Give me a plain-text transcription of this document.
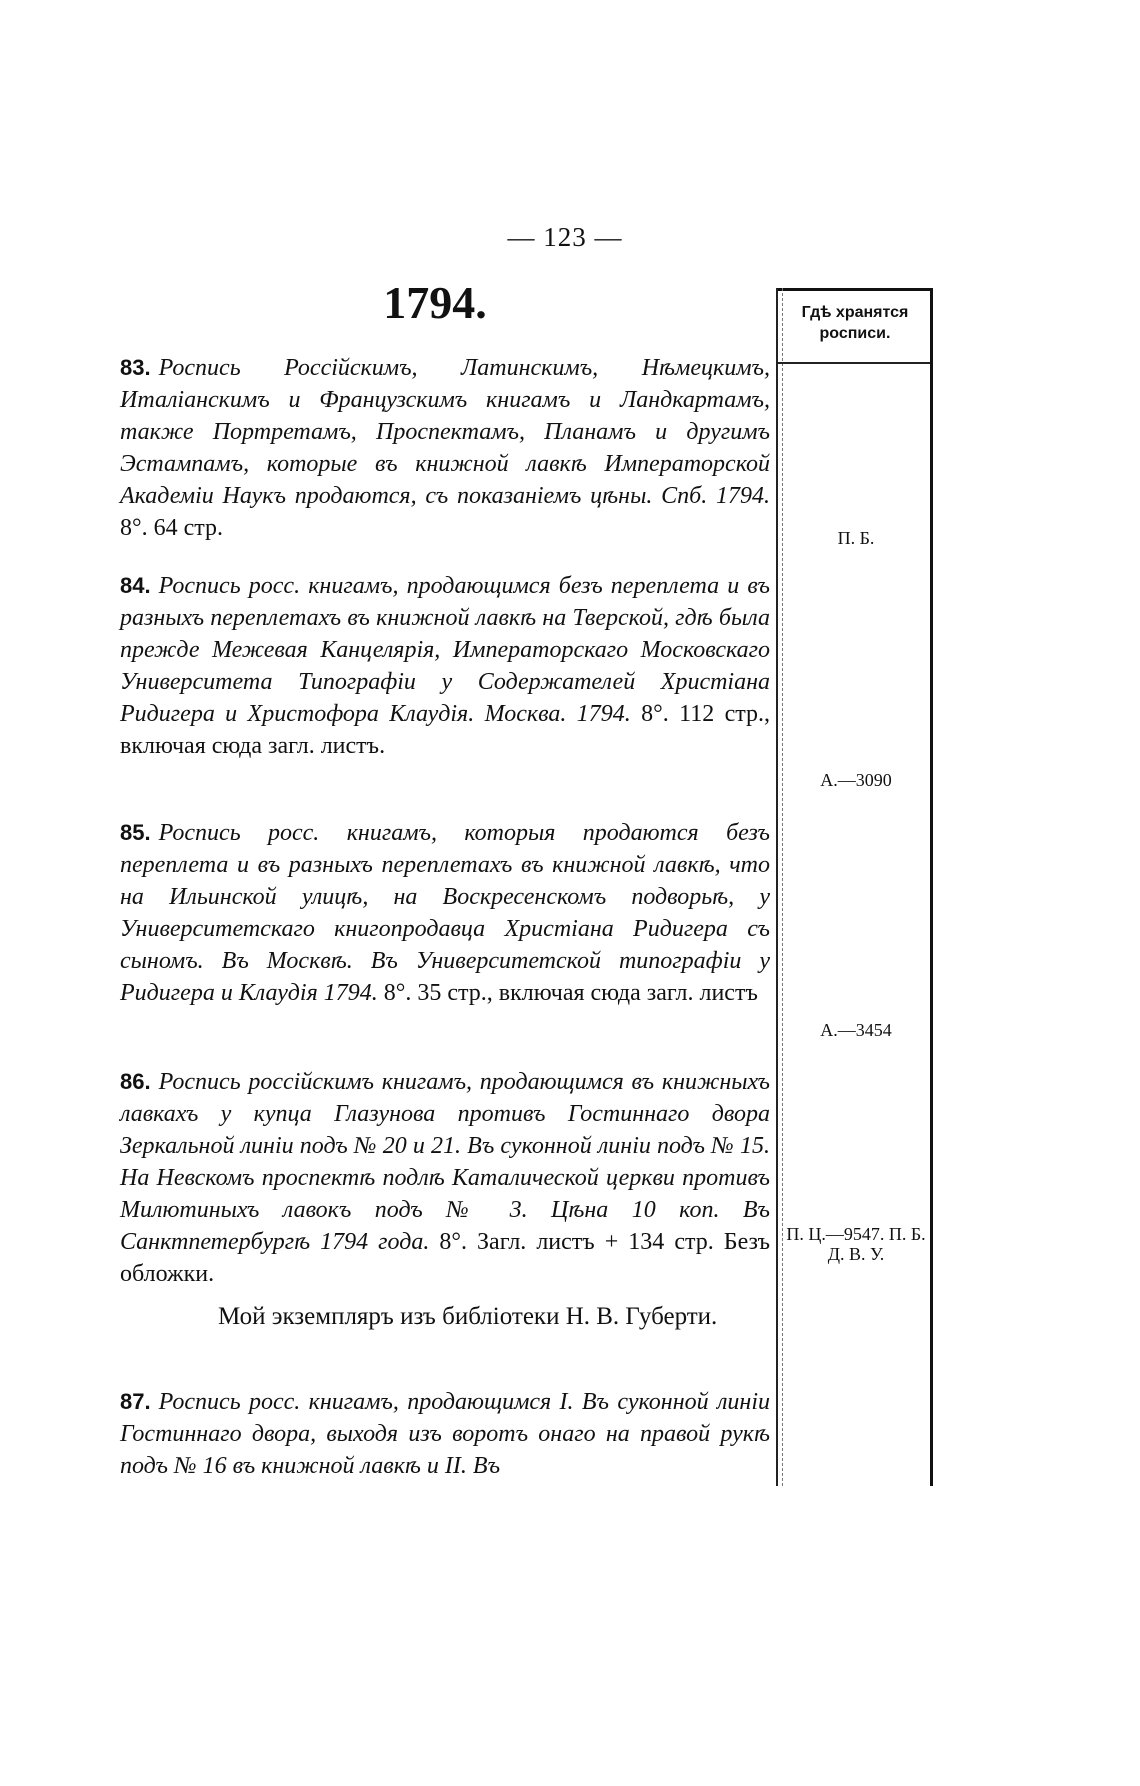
— 123 —
1794.	Гдѣ хранятся росписи.
83. Роспись Россійскимъ, Латинскимъ, Нѣмецкимъ, Италіанскимъ и Французскимъ книгамъ и Ландкартамъ, также Портретамъ, Проспектамъ, Планамъ и другимъ Эстампамъ, которые въ книжной лавкѣ Императорской Академіи Наукъ продаются, съ показаніемъ цѣны. Спб. 1794. 8°. 64 стр.	П. Б.
84. Роспись росс. книгамъ, продающимся безъ переплета и въ разныхъ переплетахъ въ книжной лавкѣ на Тверской, гдѣ была прежде Межевая Канцелярія, Императорскаго Московскаго Университета Типографіи у Содержателей Христіана Ридигера и Христофора Клаудія. Москва. 1794. 8°. 112 стр., включая сюда загл. листъ.
А.—3090
85. Роспись росс. книгамъ, которыя продаются безъ переплета и въ разныхъ переплетахъ въ книжной лавкѣ, что на Ильинской улицѣ, на Воскресенскомъ подворьѣ, у Университетскаго книгопродавца Христіана Ридигера съ сыномъ. Въ Москвѣ. Въ Университетской типографіи у Ридигера и Клаудія 1794. 8°. 35 стр., включая сюда загл. листъ
А.—3454
86. Роспись россійскимъ книгамъ, продающимся въ книжныхъ лавкахъ у купца Глазунова противъ Гостиннаго двора Зеркальной линіи подъ № 20 и 21. Въ суконной линіи подъ № 15. На Невскомъ проспектѣ подлѣ Каталической церкви противъ Милютиныхъ лавокъ подъ № 3. Цѣна 10 коп. Въ Санктпетербургѣ 1794 года. 8°. Загл. листъ + 134 стр. Безъ обложки.
П. Ц.—9547. П. Б. Д. В. У.
Мой экземпляръ изъ библіотеки Н. В. Губерти.
87. Роспись росс. книгамъ, продающимся I. Въ суконной линіи Гостиннаго двора, выходя изъ воротъ онаго на правой рукѣ подъ № 16 въ книжной лавкѣ и II. Въ
